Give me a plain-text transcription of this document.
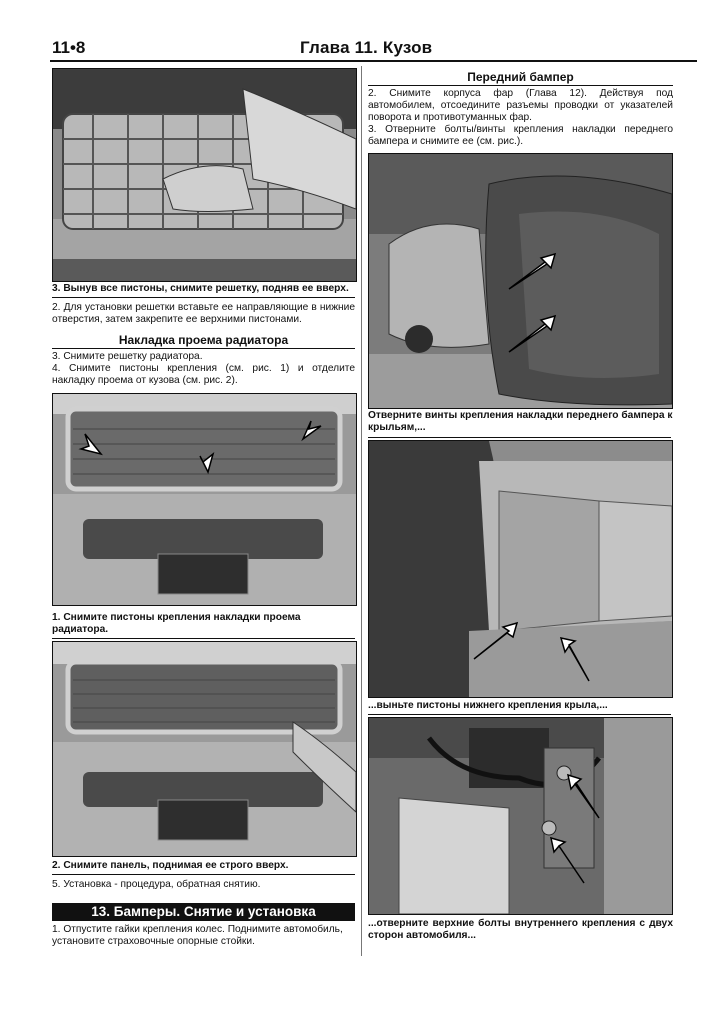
11•8	Глава 11. Кузов
3. Вынув все пистоны, снимите решетку, подняв ее вверх.
2. Для установки решетки вставьте ее направляющие в нижние отверстия, затем закрепите ее верхними пистонами.
Накладка проема радиатора
3. Снимите решетку радиатора.
4. Снимите пистоны крепления (см. рис. 1) и отделите накладку проема от кузова (см. рис. 2).
1. Снимите пистоны крепления накладки проема радиатора.
2. Снимите панель, поднимая ее строго вверх.
5. Установка - процедура, обратная снятию.
13. Бамперы. Снятие и установка
1. Отпустите гайки крепления колес. Поднимите автомобиль, установите страховочные опорные стойки.
Передний бампер
2. Снимите корпуса фар (Глава 12). Действуя под автомобилем, отсоедините разъемы проводки от указателей поворота и противотуманных фар.
3. Отверните болты/винты крепления накладки переднего бампера и снимите ее (см. рис.).
Отверните винты крепления накладки переднего бампера к крыльям,...
...выньте пистоны нижнего крепления крыла,...
...отверните верхние болты внутреннего крепления с двух сторон автомобиля...
